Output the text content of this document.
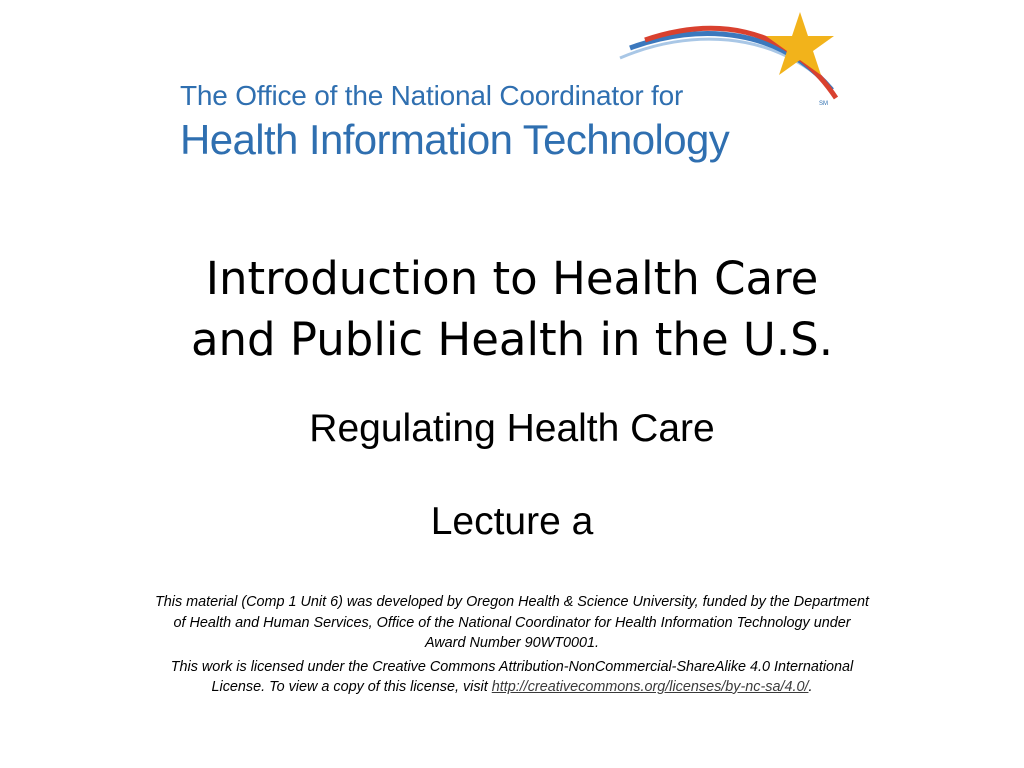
The Office of the National Coordinator for
Health Information Technology
SM
Introduction to Health Care
and Public Health in the U.S.

Regulating Health Care

Lecture a

This material (Comp 1 Unit 6) was developed by Oregon Health & Science University, funded by the Department
of Health and Human Services, Office of the National Coordinator for Health Information Technology under
Award Number 90WT0001.

This work is licensed under the Creative Commons Attribution-NonCommercial-ShareAlike 4.0 International
License. To view a copy of this license, visit http://creativecommons.org/licenses/by-nc-sa/4.0/.
